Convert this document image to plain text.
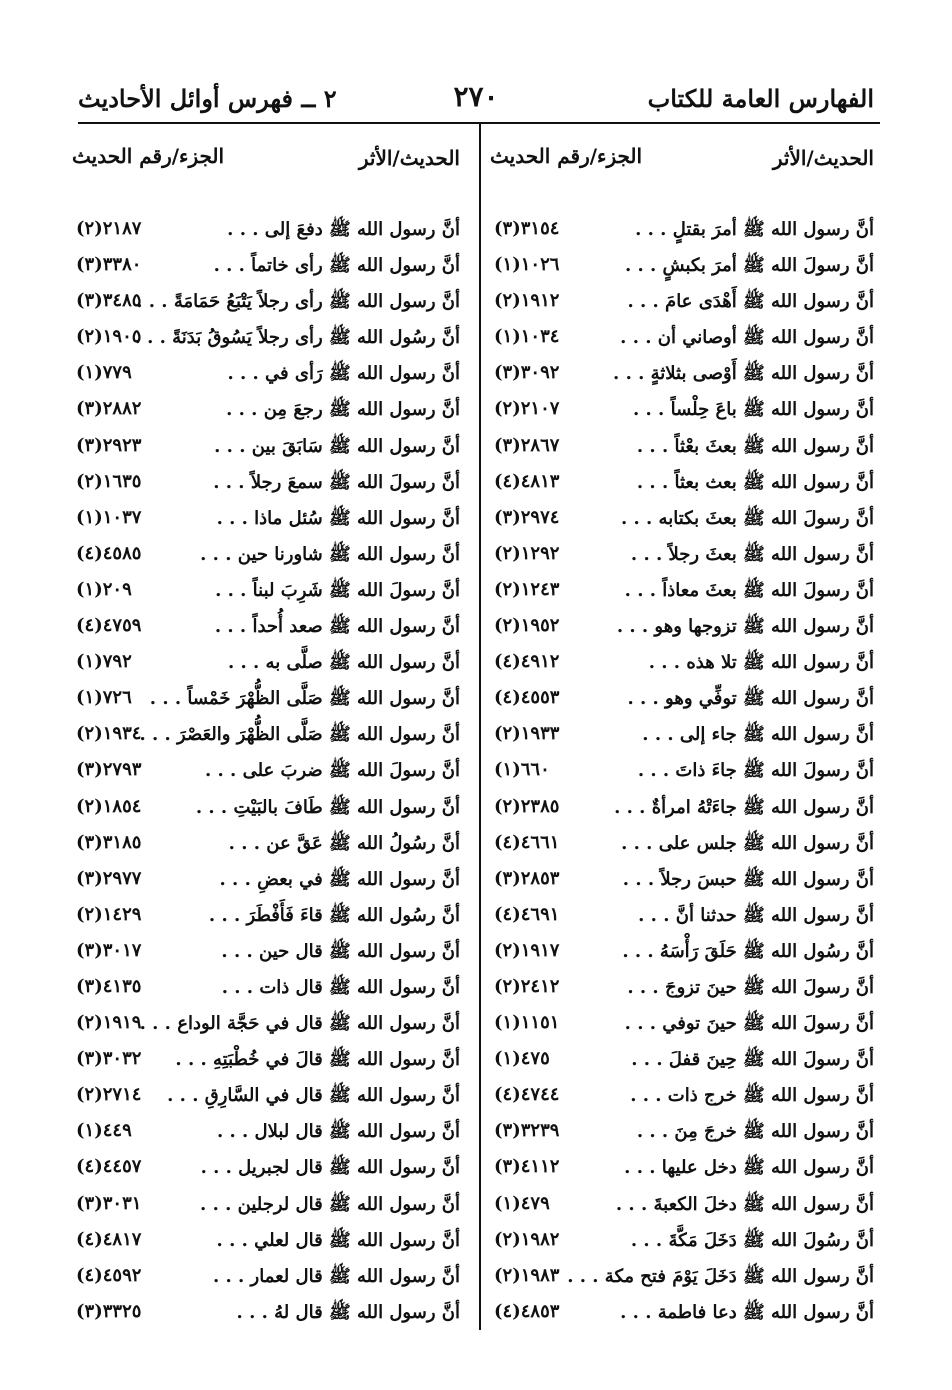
الفهارس العامة للكتاب
٢٧٠
٢ ــ فهرس أوائل الأحاديث
الحديث/الأثر
الجزء/رقم الحديث
أنَّ رسول الله ﷺ أمرَ بقتلٍ . . .
(٣)٣١٥٤
أنَّ رسولَ الله ﷺ أمرَ بكبشٍ . . .
(١)١٠٢٦
أنَّ رسول الله ﷺ أَهْدَى عامَ . . .
(٢)١٩١٢
أنَّ رسول الله ﷺ أوصاني أن . . .
(١)١٠٣٤
أنَّ رسول الله ﷺ أَوْصى بثلاثةٍ . . .
(٣)٣٠٩٢
أنَّ رسول الله ﷺ باعَ حِلْساً . . .
(٢)٢١٠٧
أنَّ رسول الله ﷺ بعثَ بعْثاً . . .
(٣)٢٨٦٧
أنَّ رسول الله ﷺ بعث بعثاً . . .
(٤)٤٨١٣
أنَّ رسولَ الله ﷺ بعثَ بكتابه . . .
(٣)٢٩٧٤
أنَّ رسول الله ﷺ بعثَ رجلاً . . .
(٢)١٢٩٢
أنَّ رسولَ الله ﷺ بعثَ معاذاً . . .
(٢)١٢٤٣
أنَّ رسول الله ﷺ تزوجها وهو . . .
(٢)١٩٥٢
أنَّ رسول الله ﷺ تلا هذه . . .
(٤)٤٩١٢
أنَّ رسول الله ﷺ توفِّي وهو . . .
(٤)٤٥٥٣
أنَّ رسول الله ﷺ جاء إلى . . .
(٢)١٩٣٣
أنَّ رسولَ الله ﷺ جاءَ ذاتَ . . .
(١)٦٦٠
أنَّ رسول الله ﷺ جاءَتْهُ امرأةٌ . . .
(٢)٢٣٨٥
أنَّ رسول الله ﷺ جلس على . . .
(٤)٤٦٦١
أنَّ رسول الله ﷺ حبسَ رجلاً . . .
(٣)٢٨٥٣
أنَّ رسول الله ﷺ حدثنا أنَّ . . .
(٤)٤٦٩١
أنَّ رسُول الله ﷺ حَلَقَ رَأْسَهُ . . .
(٢)١٩١٧
أنَّ رسولَ الله ﷺ حينَ تزوجَ . . .
(٢)٢٤١٢
أنَّ رسولَ الله ﷺ حينَ توفي . . .
(١)١١٥١
أنَّ رسولَ الله ﷺ حِينَ قفلَ . . .
(١)٤٧٥
أنَّ رسول الله ﷺ خرج ذات . . .
(٤)٤٧٤٤
أنَّ رسول الله ﷺ خرجَ مِنَ . . .
(٣)٣٢٣٩
أنَّ رسول الله ﷺ دخل عليها . . .
(٣)٤١١٢
أنَّ رسول الله ﷺ دخلَ الكعبةَ . . .
(١)٤٧٩
أنَّ رسُولَ الله ﷺ دَخَلَ مَكَّةَ . . .
(٢)١٩٨٢
أنَّ رسول الله ﷺ دَخَلَ يَوْمَ فتح مكة . . .
(٢)١٩٨٣
أنَّ رسول الله ﷺ دعا فاطمة . . .
(٤)٤٨٥٣
الحديث/الأثر
الجزء/رقم الحديث
أنَّ رسول الله ﷺ دفعَ إلى . . .
(٢)٢١٨٧
أنَّ رسول الله ﷺ رأى خاتماً . . .
(٣)٣٣٨٠
أنَّ رسول الله ﷺ رأى رجلاً يَتْبَعُ حَمَامَةً . . .
(٣)٣٤٨٥
أنَّ رسُول الله ﷺ رأى رجلاً يَسُوقُ بَدَنَةً . . .
(٢)١٩٠٥
أنَّ رسول الله ﷺ رَأى في . . .
(١)٧٧٩
أنَّ رسول الله ﷺ رجعَ مِن . . .
(٣)٢٨٨٢
أنَّ رسول الله ﷺ سَابَقَ بين . . .
(٣)٢٩٢٣
أنَّ رسولَ الله ﷺ سمعَ رجلاً . . .
(٢)١٦٣٥
أنَّ رسول الله ﷺ سُئل ماذا . . .
(١)١٠٣٧
أنَّ رسول الله ﷺ شاورنا حين . . .
(٤)٤٥٨٥
أنَّ رسولَ الله ﷺ شَرِبَ لبناً . . .
(١)٢٠٩
أنَّ رسول الله ﷺ صعد أُحداً . . .
(٤)٤٧٥٩
أنَّ رسول الله ﷺ صلَّى به . . .
(١)٧٩٢
أنَّ رسول الله ﷺ صَلَّى الظُّهْرَ خَمْساً . . .
(١)٧٢٦
أنَّ رسول الله ﷺ صَلَّى الظُّهْرَ والعَصْرَ . . .
(٢)١٩٣٤
أنَّ رسولَ الله ﷺ ضربَ على . . .
(٣)٢٧٩٣
أنَّ رسول الله ﷺ طَافَ بالبَيْتِ . . .
(٢)١٨٥٤
أنَّ رسُولُ الله ﷺ عَقَّ عن . . .
(٣)٣١٨٥
أنَّ رسول الله ﷺ في بعضِ . . .
(٣)٢٩٧٧
أنَّ رسُول الله ﷺ قاءَ فَأَفْطَرَ . . .
(٢)١٤٢٩
أنَّ رسول الله ﷺ قال حين . . .
(٣)٣٠١٧
أنَّ رسول الله ﷺ قال ذات . . .
(٣)٤١٣٥
أنَّ رسول الله ﷺ قال في حَجَّة الوداع . . .
(٢)١٩١٩
أنَّ رسول الله ﷺ قالَ في خُطْبَتِهِ . . .
(٣)٣٠٣٢
أنَّ رسول الله ﷺ قال في السَّارِقِ . . .
(٢)٢٧١٤
أنَّ رسول الله ﷺ قال لبلال . . .
(١)٤٤٩
أنَّ رسول الله ﷺ قال لجبريل . . .
(٤)٤٤٥٧
أنَّ رسول الله ﷺ قال لرجلين . . .
(٣)٣٠٣١
أنَّ رسول الله ﷺ قال لعلي . . .
(٤)٤٨١٧
أنَّ رسول الله ﷺ قال لعمار . . .
(٤)٤٥٩٢
أنَّ رسول الله ﷺ قال لهُ . . .
(٣)٣٣٢٥
